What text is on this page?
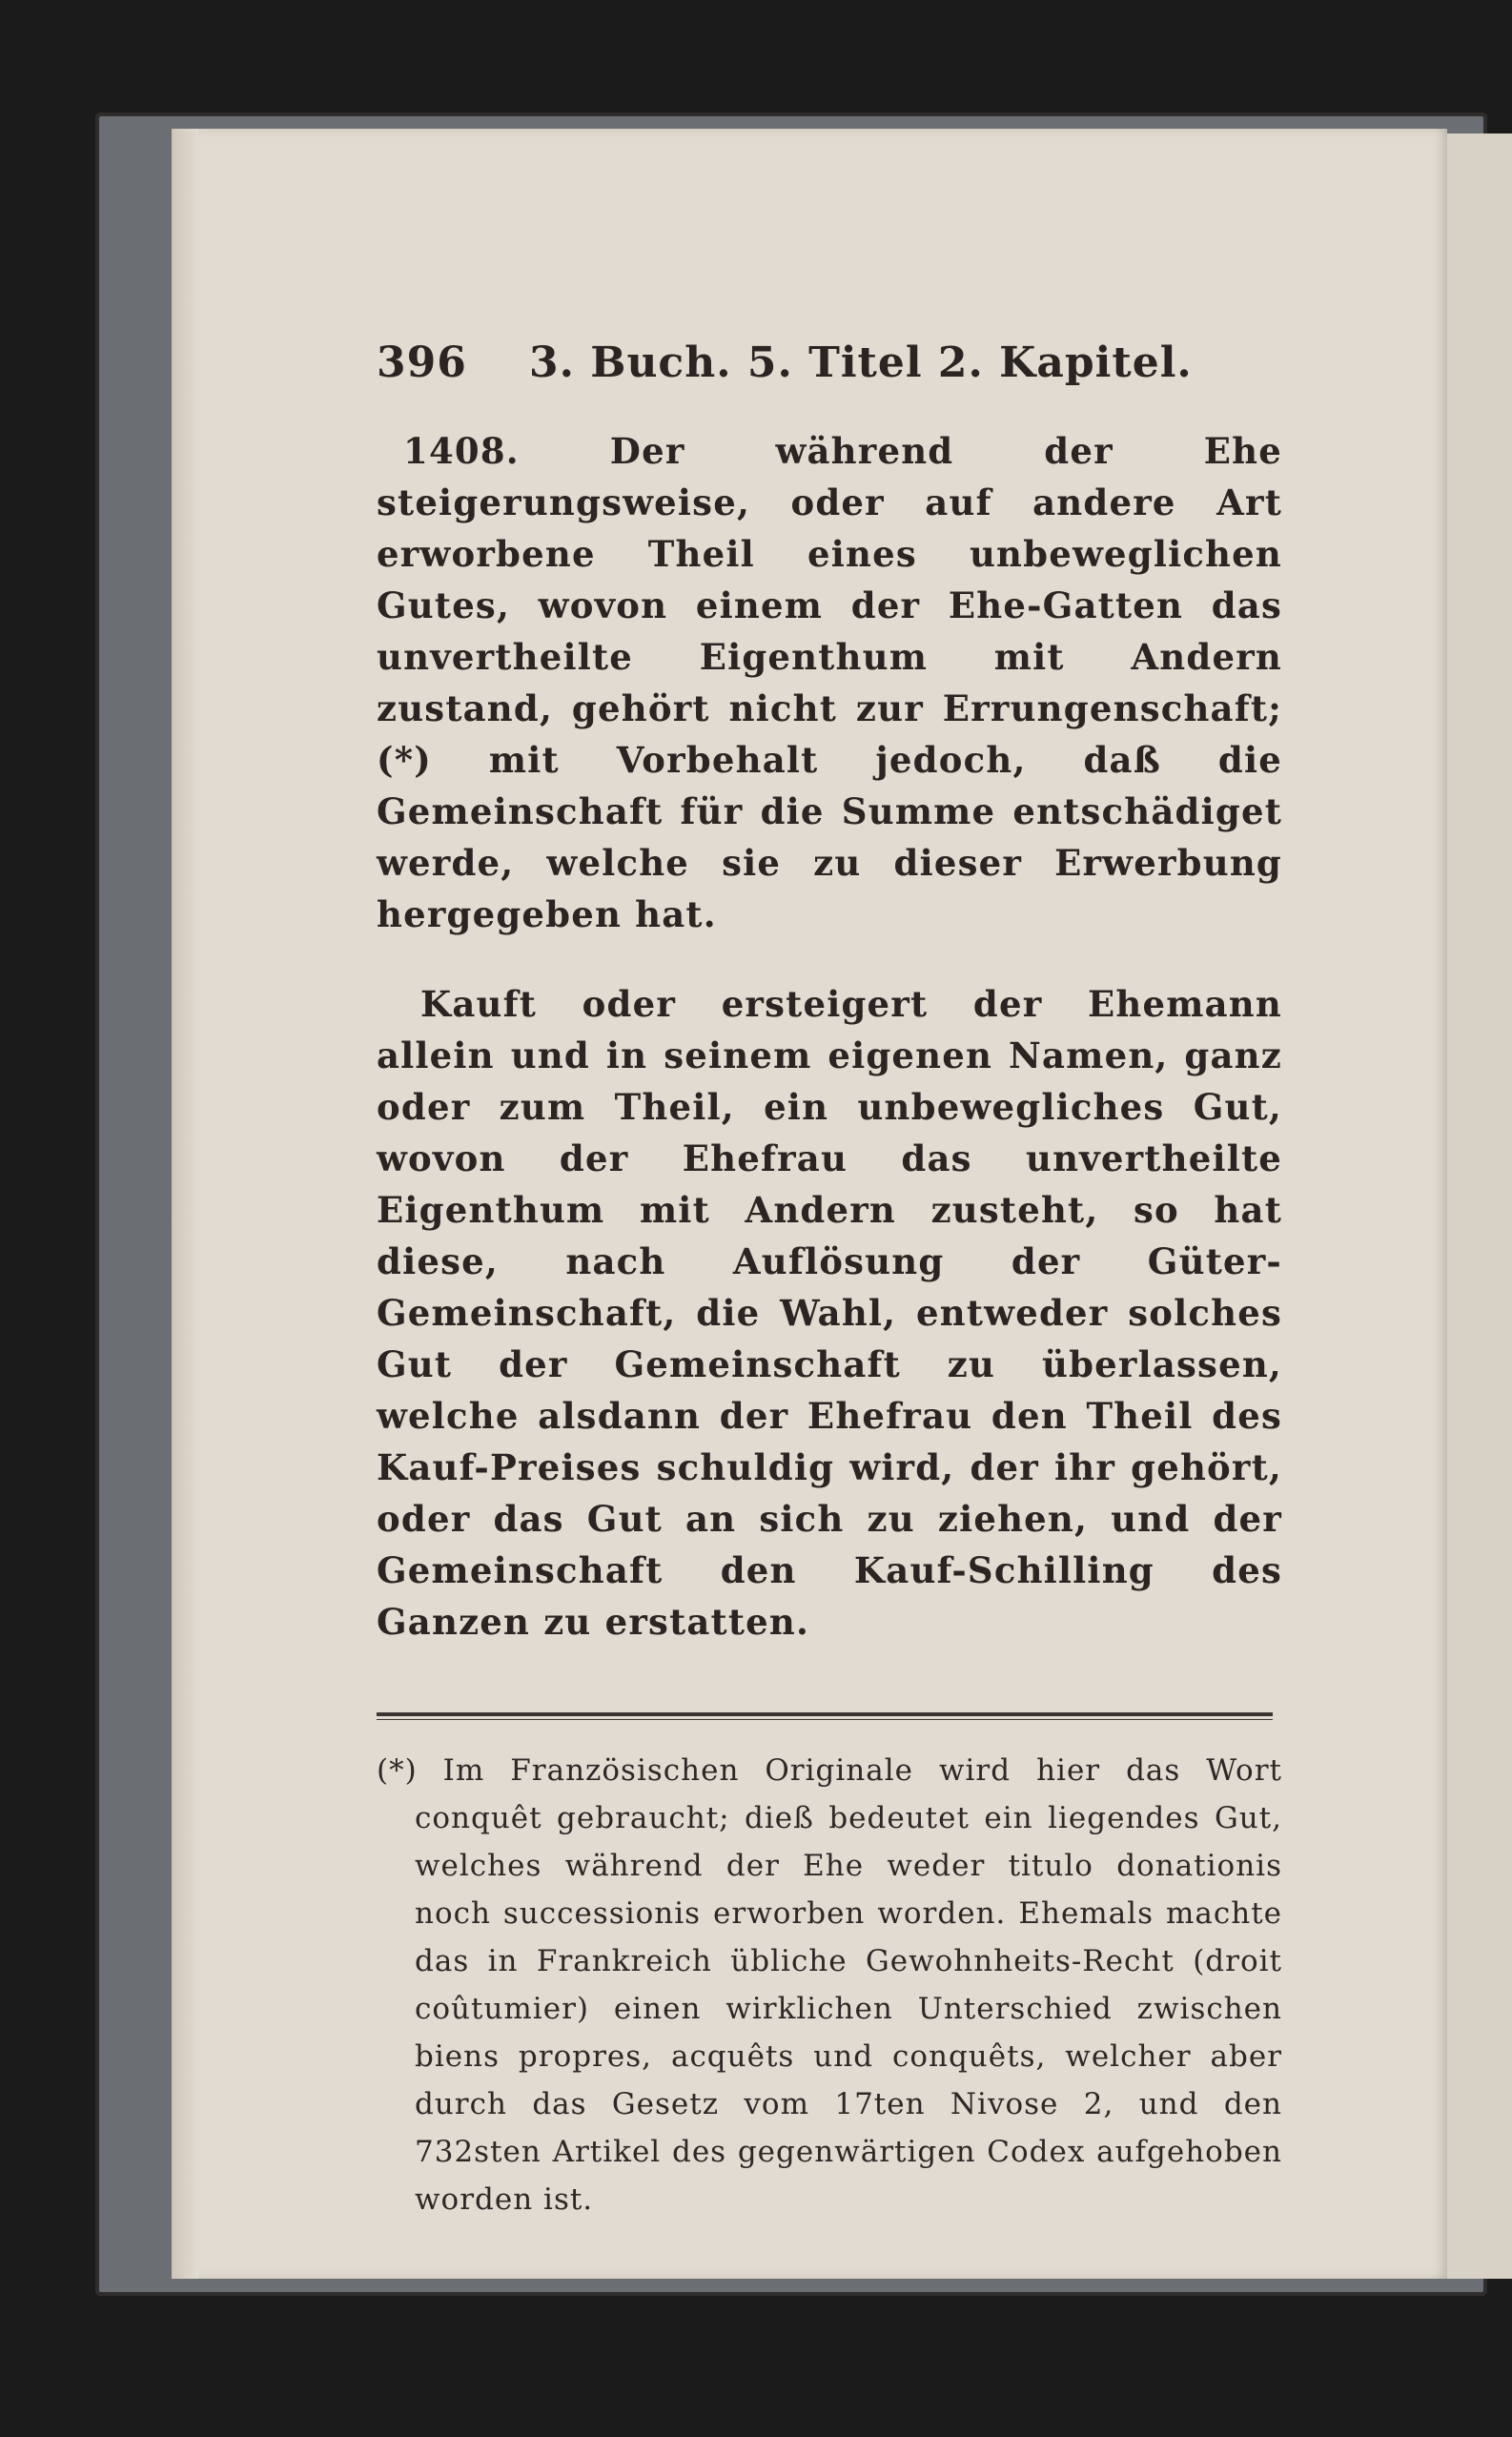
396	3. Buch. 5. Titel 2. Kapitel.

1408. Der während der Ehe steigerungsweise, oder auf andere Art erworbene Theil eines unbeweglichen Gutes, wovon einem der Ehe-Gatten das unvertheilte Eigenthum mit Andern zustand, gehört nicht zur Errungenschaft; (*) mit Vorbehalt jedoch, daß die Gemeinschaft für die Summe entschädiget werde, welche sie zu dieser Erwerbung hergegeben hat.

Kauft oder ersteigert der Ehemann allein und in seinem eigenen Namen, ganz oder zum Theil, ein unbewegliches Gut, wovon der Ehefrau das unvertheilte Eigenthum mit Andern zusteht, so hat diese, nach Auflösung der Güter-Gemeinschaft, die Wahl, entweder solches Gut der Gemeinschaft zu überlassen, welche alsdann der Ehefrau den Theil des Kauf-Preises schuldig wird, der ihr gehört, oder das Gut an sich zu ziehen, und der Gemeinschaft den Kauf-Schilling des Ganzen zu erstatten.

(*) Im Französischen Originale wird hier das Wort conquêt gebraucht; dieß bedeutet ein liegendes Gut, welches während der Ehe weder titulo donationis noch successionis erworben worden. Ehemals machte das in Frankreich übliche Gewohnheits-Recht (droit coûtumier) einen wirklichen Unterschied zwischen biens propres, acquêts und conquêts, welcher aber durch das Gesetz vom 17ten Nivose 2, und den 732sten Artikel des gegenwärtigen Codex aufgehoben worden ist.
